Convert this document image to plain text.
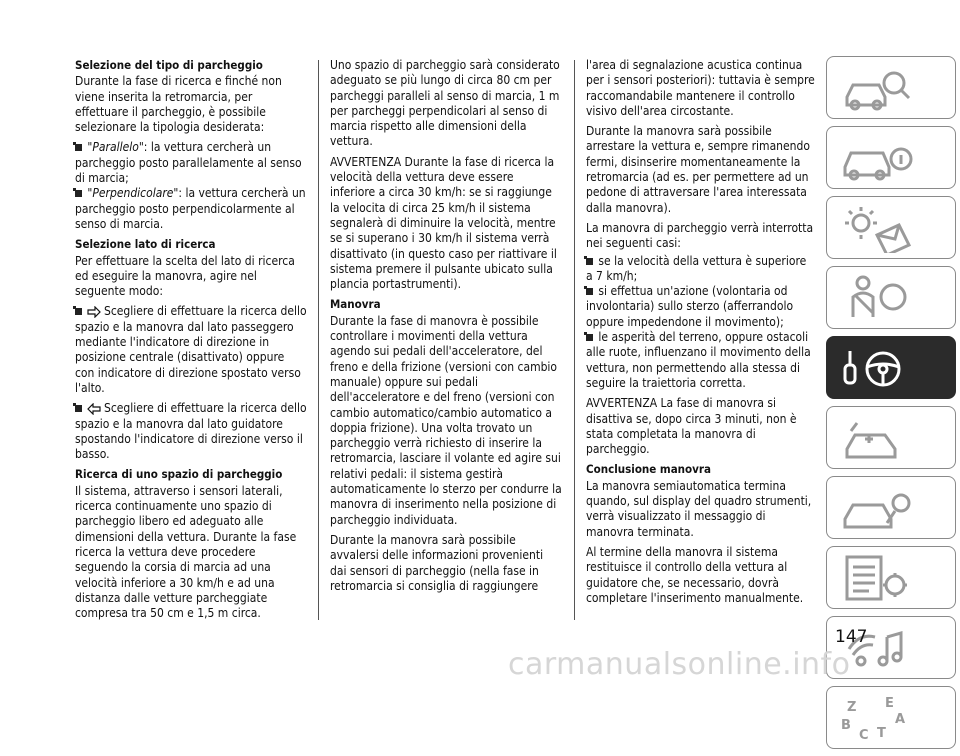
Selezione del tipo di parcheggio

Durante la fase di ricerca e finché non viene inserita la retromarcia, per effettuare il parcheggio, è possibile selezionare la tipologia desiderata:

"Parallelo": la vettura cercherà un parcheggio posto parallelamente al senso di marcia;

"Perpendicolare": la vettura cercherà un parcheggio posto perpendicolarmente al senso di marcia.

Selezione lato di ricerca

Per effettuare la scelta del lato di ricerca ed eseguire la manovra, agire nel seguente modo:

Scegliere di effettuare la ricerca dello spazio e la manovra dal lato passeggero mediante l'indicatore di direzione in posizione centrale (disattivato) oppure con indicatore di direzione spostato verso l'alto.

Scegliere di effettuare la ricerca dello spazio e la manovra dal lato guidatore spostando l'indicatore di direzione verso il basso.

Ricerca di uno spazio di parcheggio

Il sistema, attraverso i sensori laterali, ricerca continuamente uno spazio di parcheggio libero ed adeguato alle dimensioni della vettura. Durante la fase ricerca la vettura deve procedere seguendo la corsia di marcia ad una velocità inferiore a 30 km/h e ad una distanza dalle vetture parcheggiate compresa tra 50 cm e 1,5 m circa.

Uno spazio di parcheggio sarà considerato adeguato se più lungo di circa 80 cm per parcheggi paralleli al senso di marcia, 1 m per parcheggi perpendicolari al senso di marcia rispetto alle dimensioni della vettura.

AVVERTENZA Durante la fase di ricerca la velocità della vettura deve essere inferiore a circa 30 km/h: se si raggiunge la velocita di circa 25 km/h il sistema segnalerà di diminuire la velocità, mentre se si superano i 30 km/h il sistema verrà disattivato (in questo caso per riattivare il sistema premere il pulsante ubicato sulla plancia portastrumenti).

Manovra

Durante la fase di manovra è possibile controllare i movimenti della vettura agendo sui pedali dell'acceleratore, del freno e della frizione (versioni con cambio manuale) oppure sui pedali dell'acceleratore e del freno (versioni con cambio automatico/cambio automatico a doppia frizione). Una volta trovato un parcheggio verrà richiesto di inserire la retromarcia, lasciare il volante ed agire sui relativi pedali: il sistema gestirà automaticamente lo sterzo per condurre la manovra di inserimento nella posizione di parcheggio individuata.

Durante la manovra sarà possibile avvalersi delle informazioni provenienti dai sensori di parcheggio (nella fase in retromarcia si consiglia di raggiungere

l'area di segnalazione acustica continua per i sensori posteriori): tuttavia è sempre raccomandabile mantenere il controllo visivo dell'area circostante.

Durante la manovra sarà possibile arrestare la vettura e, sempre rimanendo fermi, disinserire momentaneamente la retromarcia (ad es. per permettere ad un pedone di attraversare l'area interessata dalla manovra).

La manovra di parcheggio verrà interrotta nei seguenti casi:

se la velocità della vettura è superiore a 7 km/h;

si effettua un'azione (volontaria od involontaria) sullo sterzo (afferrandolo oppure impedendone il movimento);

le asperità del terreno, oppure ostacoli alle ruote, influenzano il movimento della vettura, non permettendo alla stessa di seguire la traiettoria corretta.

AVVERTENZA La fase di manovra si disattiva se, dopo circa 3 minuti, non è stata completata la manovra di parcheggio.

Conclusione manovra

La manovra semiautomatica termina quando, sul display del quadro strumenti, verrà visualizzato il messaggio di manovra terminata.

Al termine della manovra il sistema restituisce il controllo della vettura al guidatore che, se necessario, dovrà completare l'inserimento manualmente.

Z E
B
C T
A
147
carmanualsonline.info
